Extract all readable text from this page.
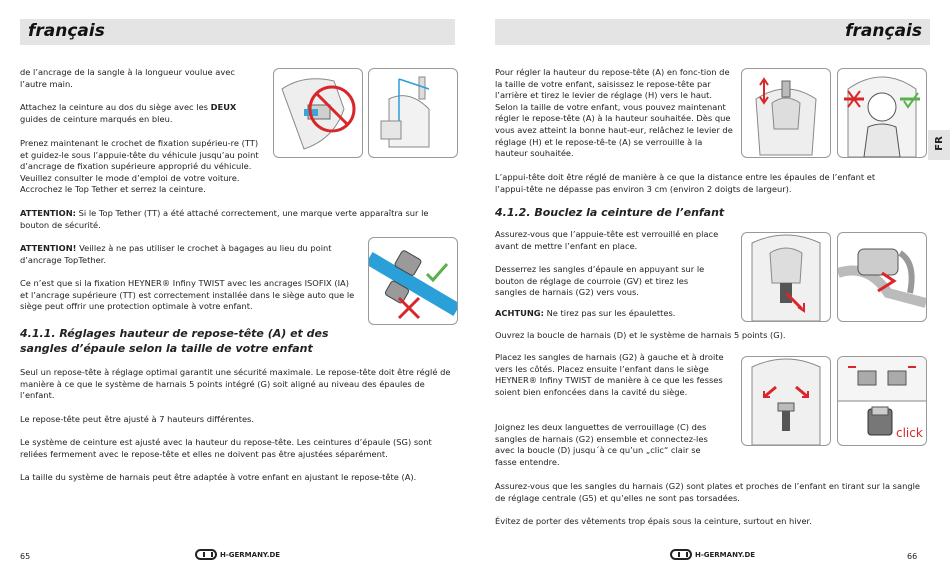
français

de l’ancrage de la sangle à la longueur voulue avec l’autre main.

Attachez la ceinture au dos du siège avec les DEUX guides de ceinture marqués en bleu.

Prenez maintenant le crochet de fixation supérieu-re (TT) et guidez-le sous l’appuie-tête du véhicule jusqu’au point d’ancrage de fixation supérieure approprié du véhicule. Veuillez consulter le mode d’emploi de votre voiture. Accrochez le Top Tether et serrez la ceinture.

ATTENTION: Si le Top Tether (TT) a été attaché correctement, une marque verte apparaîtra sur le bouton de sécurité.

ATTENTION! Veillez à ne pas utiliser le crochet à bagages au lieu du point d’ancrage TopTether.

Ce n’est que si la fixation HEYNER® Infiny TWIST avec les ancrages ISOFIX (IA) et l’ancrage supérieure (TT) est correctement installée dans le siège auto que le siège peut offrir une protection optimale à votre enfant.

4.1.1. Réglages hauteur de repose-tête (A) et des sangles d’épaule selon la taille de votre enfant

Seul un repose-tête à réglage optimal garantit une sécurité maximale. Le repose-tête doit être réglé de manière à ce que le système de harnais 5 points intégré (G) soit aligné au niveau des épaules de l’enfant.

Le repose-tête peut être ajusté à 7 hauteurs différentes.

Le système de ceinture est ajusté avec la hauteur du repose-tête. Les ceintures d’épaule (SG) sont reliées fermement avec le repose-tête et elles ne doivent pas être ajustées séparément.

La taille du système de harnais peut être adaptée à votre enfant en ajustant le repose-tête (A).

65	H-GERMANY.DE
français

Pour régler la hauteur du repose-tête (A) en fonc-tion de la taille de votre enfant, saisissez le repose-tête par l’arrière et tirez le levier de réglage (H) vers le haut. Selon la taille de votre enfant, vous pouvez maintenant régler le repose-tête (A) à la hauteur souhaitée. Dès que vous avez atteint la bonne haut-eur, relâchez le levier de réglage (H) et le repose-tê-te (A) se verrouille à la hauteur souhaitée.

L’appui-tête doit être réglé de manière à ce que la distance entre les épaules de l’enfant et l’appui-tête ne dépasse pas environ 3 cm (environ 2 doigts de largeur).

4.1.2. Bouclez la ceinture de l’enfant

Assurez-vous que l’appuie-tête est verrouillé en place avant de mettre l’enfant en place.

Desserrez les sangles d’épaule en appuyant sur le bouton de réglage de courroie (GV) et tirez les sangles de harnais (G2) vers vous.

ACHTUNG: Ne tirez pas sur les épaulettes.

Ouvrez la boucle de harnais (D) et le système de harnais 5 points (G).

Placez les sangles de harnais (G2) à gauche et à droite vers les côtés. Placez ensuite l’enfant dans le siège HEYNER® Infiny TWIST de manière à ce que les fesses soient bien enfoncées dans la cavité du siège.

Joignez les deux languettes de verrouillage (C) des sangles de harnais (G2) ensemble et connectez-les avec la boucle (D) jusqu´à ce qu’un „clic“ clair se fasse entendre.

Assurez-vous que les sangles du harnais (G2) sont plates et proches de l’enfant en tirant sur la sangle de réglage centrale (G5) et qu’elles ne sont pas torsadées.

Évitez de porter des vêtements trop épais sous la ceinture, surtout en hiver.

click
66
H-GERMANY.DE
FR
